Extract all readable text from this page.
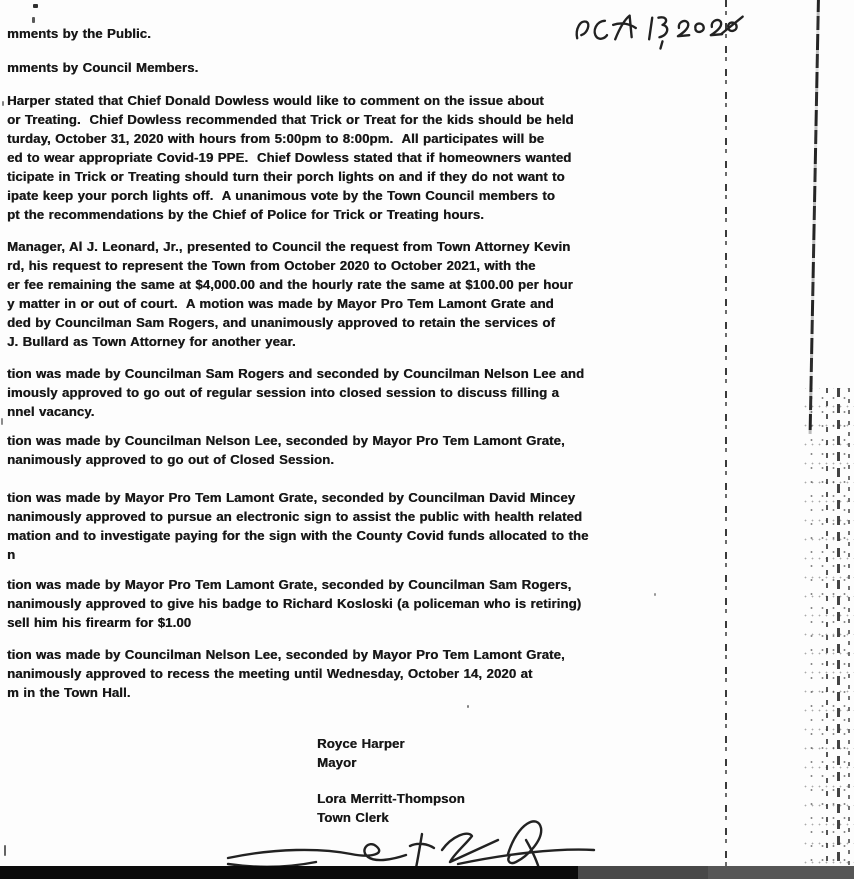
mments by the Public.
mments by Council Members.
Harper stated that Chief Donald Dowless would like to comment on the issue about
or Treating.  Chief Dowless recommended that Trick or Treat for the kids should be held
turday, October 31, 2020 with hours from 5:00pm to 8:00pm.  All participates will be
ed to wear appropriate Covid-19 PPE.  Chief Dowless stated that if homeowners wanted
ticipate in Trick or Treating should turn their porch lights on and if they do not want to
ipate keep your porch lights off.  A unanimous vote by the Town Council members to
pt the recommendations by the Chief of Police for Trick or Treating hours.
Manager, Al J. Leonard, Jr., presented to Council the request from Town Attorney Kevin
rd, his request to represent the Town from October 2020 to October 2021, with the
er fee remaining the same at $4,000.00 and the hourly rate the same at $100.00 per hour
y matter in or out of court.  A motion was made by Mayor Pro Tem Lamont Grate and
ded by Councilman Sam Rogers, and unanimously approved to retain the services of
J. Bullard as Town Attorney for another year.
tion was made by Councilman Sam Rogers and seconded by Councilman Nelson Lee and
imously approved to go out of regular session into closed session to discuss filling a
nnel vacancy.
tion was made by Councilman Nelson Lee, seconded by Mayor Pro Tem Lamont Grate,
nanimously approved to go out of Closed Session.
tion was made by Mayor Pro Tem Lamont Grate, seconded by Councilman David Mincey
nanimously approved to pursue an electronic sign to assist the public with health related
mation and to investigate paying for the sign with the County Covid funds allocated to the
n
tion was made by Mayor Pro Tem Lamont Grate, seconded by Councilman Sam Rogers,
nanimously approved to give his badge to Richard Kosloski (a policeman who is retiring)
sell him his firearm for $1.00
tion was made by Councilman Nelson Lee, seconded by Mayor Pro Tem Lamont Grate,
nanimously approved to recess the meeting until Wednesday, October 14, 2020 at
m in the Town Hall.
Royce Harper
Mayor
Lora Merritt-Thompson
Town Clerk
